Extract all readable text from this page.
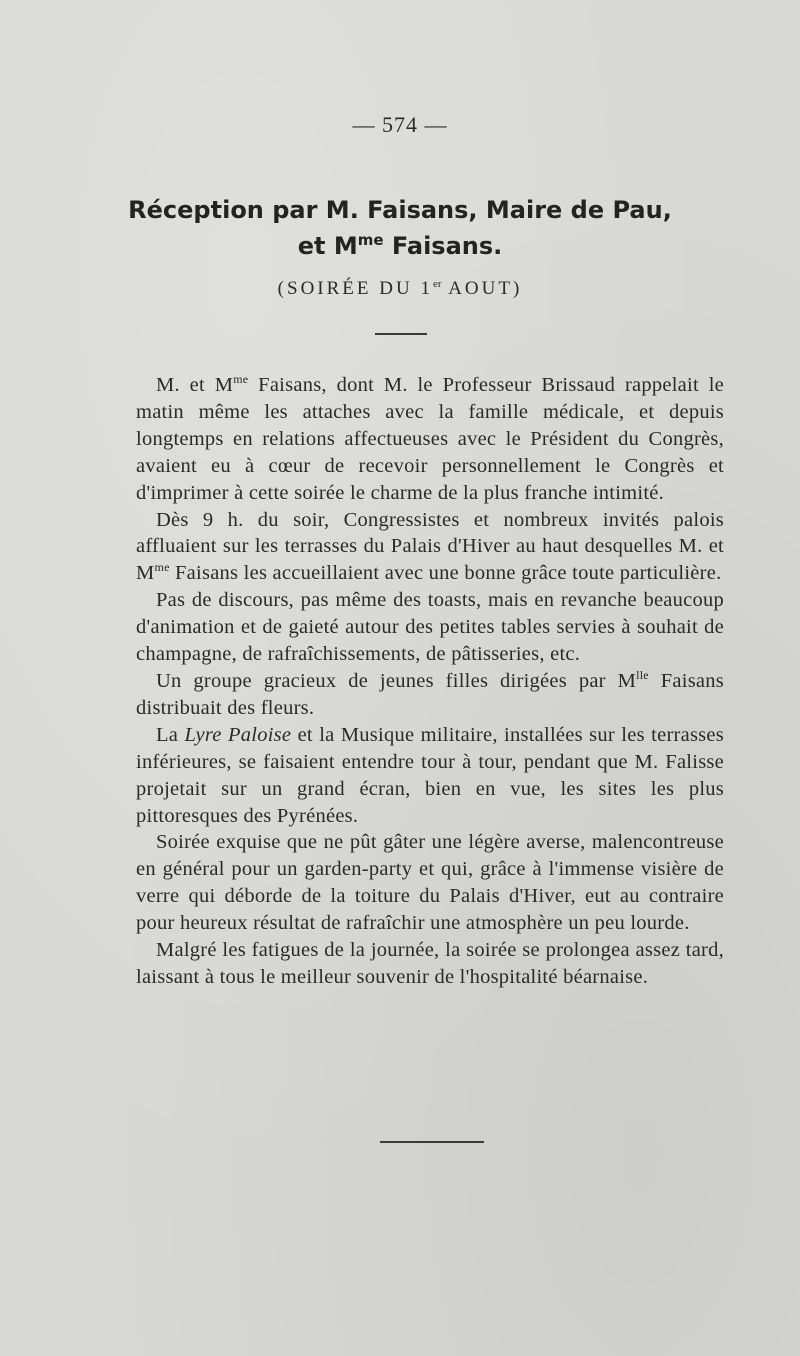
— 574 —
Réception par M. Faisans, Maire de Pau,
et $M^{me}$ Faisans.
(SOIRÉE DU 1er AOUT)

M. et $M^{me}$ Faisans, dont M. le Professeur Brissaud rappelait le matin même les attaches avec la famille médicale, et depuis longtemps en relations affectueuses avec le Président du Congrès, avaient eu à cœur de recevoir personnellement le Congrès et d'imprimer à cette soirée le charme de la plus franche intimité.

Dès 9 h. du soir, Congressistes et nombreux invités palois affluaient sur les terrasses du Palais d'Hiver au haut desquelles M. et $M^{me}$ Faisans les accueillaient avec une bonne grâce toute particulière.

Pas de discours, pas même des toasts, mais en revanche beaucoup d'animation et de gaieté autour des petites tables servies à souhait de champagne, de rafraîchissements, de pâtisseries, etc.

Un groupe gracieux de jeunes filles dirigées par $M^{lle}$ Faisans distribuait des fleurs.

La Lyre Paloise et la Musique militaire, installées sur les terrasses inférieures, se faisaient entendre tour à tour, pendant que M. Falisse projetait sur un grand écran, bien en vue, les sites les plus pittoresques des Pyrénées.

Soirée exquise que ne pût gâter une légère averse, malencontreuse en général pour un garden-party et qui, grâce à l'immense visière de verre qui déborde de la toiture du Palais d'Hiver, eut au contraire pour heureux résultat de rafraîchir une atmosphère un peu lourde.

Malgré les fatigues de la journée, la soirée se prolongea assez tard, laissant à tous le meilleur souvenir de l'hospitalité béarnaise.
